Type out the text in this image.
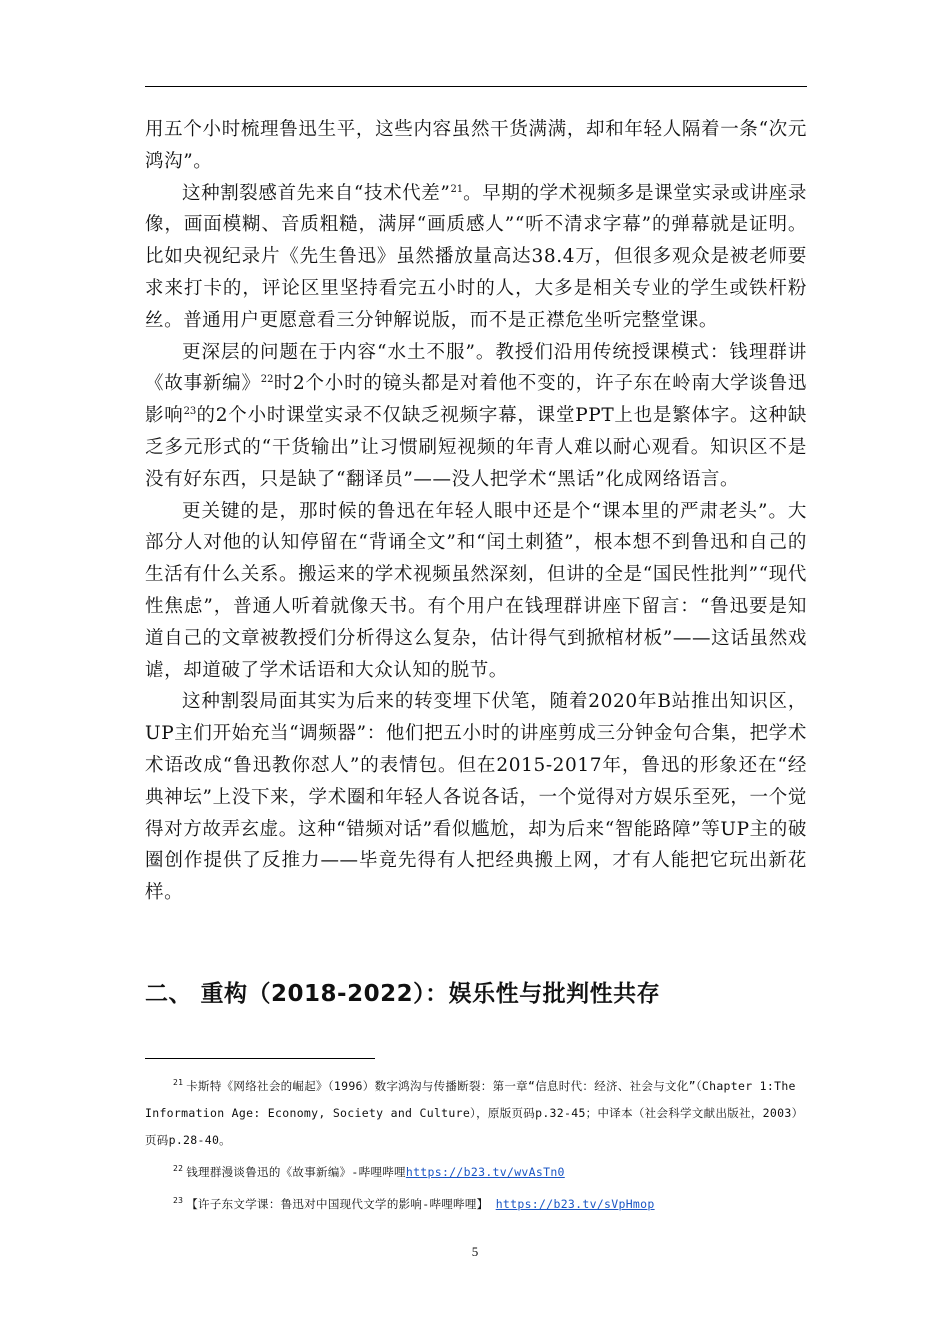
用五个小时梳理鲁迅生平，这些内容虽然干货满满，却和年轻人隔着一条“次元鸿沟”。

这种割裂感首先来自“技术代差”$^{21}$。早期的学术视频多是课堂实录或讲座录像，画面模糊、音质粗糙，满屏“画质感人”“听不清求字幕”的弹幕就是证明。比如央视纪录片《先生鲁迅》虽然播放量高达38.4万，但很多观众是被老师要求来打卡的，评论区里坚持看完五小时的人，大多是相关专业的学生或铁杆粉丝。普通用户更愿意看三分钟解说版，而不是正襟危坐听完整堂课。

更深层的问题在于内容“水土不服”。教授们沿用传统授课模式：钱理群讲《故事新编》$^{22}$时2个小时的镜头都是对着他不变的，许子东在岭南大学谈鲁迅影响$^{23}$的2个小时课堂实录不仅缺乏视频字幕，课堂PPT上也是繁体字。这种缺乏多元形式的“干货输出”让习惯刷短视频的年青人难以耐心观看。知识区不是没有好东西，只是缺了“翻译员”——没人把学术“黑话”化成网络语言。

更关键的是，那时候的鲁迅在年轻人眼中还是个“课本里的严肃老头”。大部分人对他的认知停留在“背诵全文”和“闰土刺猹”，根本想不到鲁迅和自己的生活有什么关系。搬运来的学术视频虽然深刻，但讲的全是“国民性批判”“现代性焦虑”，普通人听着就像天书。有个用户在钱理群讲座下留言：“鲁迅要是知道自己的文章被教授们分析得这么复杂，估计得气到掀棺材板”——这话虽然戏谑，却道破了学术话语和大众认知的脱节。

这种割裂局面其实为后来的转变埋下伏笔，随着2020年B站推出知识区，UP主们开始充当“调频器”：他们把五小时的讲座剪成三分钟金句合集，把学术术语改成“鲁迅教你怼人”的表情包。但在2015-2017年，鲁迅的形象还在“经典神坛”上没下来，学术圈和年轻人各说各话，一个觉得对方娱乐至死，一个觉得对方故弄玄虚。这种“错频对话”看似尴尬，却为后来“智能路障”等UP主的破圈创作提供了反推力——毕竟先得有人把经典搬上网，才有人能把它玩出新花样。

二、 重构（2018-2022）：娱乐性与批判性共存

$^{21}$ 卡斯特《网络社会的崛起》（1996）数字鸿沟与传播断裂：第一章“信息时代：经济、社会与文化”（Chapter 1:The Information Age: Economy, Society and Culture），原版页码p.32-45；中译本（社会科学文献出版社，2003）页码p.28-40。

$^{22}$ 钱理群漫谈鲁迅的《故事新编》-哔哩哔哩https://b23.tv/wvAsTn0

$^{23}$ 【许子东文学课：鲁迅对中国现代文学的影响-哔哩哔哩】 https://b23.tv/sVpHmop

5
